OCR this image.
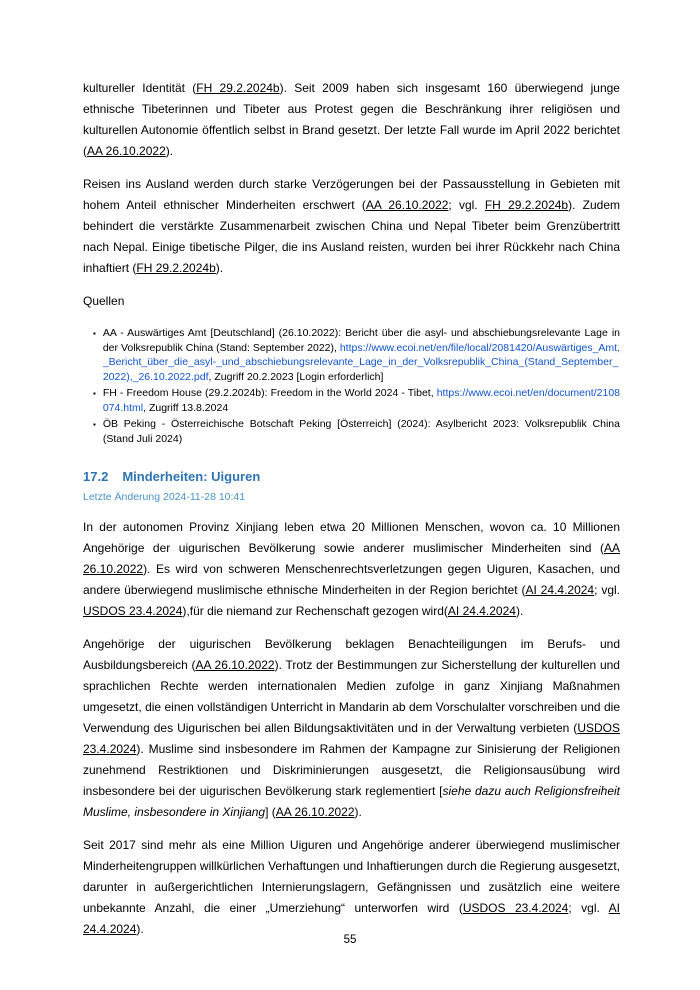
kultureller Identität (FH 29.2.2024b). Seit 2009 haben sich insgesamt 160 überwiegend junge ethnische Tibeterinnen und Tibeter aus Protest gegen die Beschränkung ihrer religiösen und kulturellen Autonomie öffentlich selbst in Brand gesetzt. Der letzte Fall wurde im April 2022 berichtet (AA 26.10.2022).

Reisen ins Ausland werden durch starke Verzögerungen bei der Passausstellung in Gebieten mit hohem Anteil ethnischer Minderheiten erschwert (AA 26.10.2022; vgl. FH 29.2.2024b). Zudem behindert die verstärkte Zusammenarbeit zwischen China und Nepal Tibeter beim Grenzübertritt nach Nepal. Einige tibetische Pilger, die ins Ausland reisten, wurden bei ihrer Rückkehr nach China inhaftiert (FH 29.2.2024b).

Quellen

▪ AA - Auswärtiges Amt [Deutschland] (26.10.2022): Bericht über die asyl- und abschiebungsrelevante Lage in der Volksrepublik China (Stand: September 2022), https://www.ecoi.net/en/file/local/2081420/Auswärtiges_Amt,_Bericht_über_die_asyl-_und_abschiebungsrelevante_Lage_in_der_Volksrepublik_China_(Stand_September_2022),_26.10.2022.pdf, Zugriff 20.2.2023 [Login erforderlich]
▪ FH - Freedom House (29.2.2024b): Freedom in the World 2024 - Tibet, https://www.ecoi.net/en/document/2108074.html, Zugriff 13.8.2024
▪ ÖB Peking - Österreichische Botschaft Peking [Österreich] (2024): Asylbericht 2023: Volksrepublik China (Stand Juli 2024)
17.2 Minderheiten: Uiguren

Letzte Änderung 2024-11-28 10:41

In der autonomen Provinz Xinjiang leben etwa 20 Millionen Menschen, wovon ca. 10 Millionen Angehörige der uigurischen Bevölkerung sowie anderer muslimischer Minderheiten sind (AA 26.10.2022). Es wird von schweren Menschenrechtsverletzungen gegen Uiguren, Kasachen, und andere überwiegend muslimische ethnische Minderheiten in der Region berichtet (AI 24.4.2024; vgl. USDOS 23.4.2024),für die niemand zur Rechenschaft gezogen wird(AI 24.4.2024).

Angehörige der uigurischen Bevölkerung beklagen Benachteiligungen im Berufs- und Ausbildungsbereich (AA 26.10.2022). Trotz der Bestimmungen zur Sicherstellung der kulturellen und sprachlichen Rechte werden internationalen Medien zufolge in ganz Xinjiang Maßnahmen umgesetzt, die einen vollständigen Unterricht in Mandarin ab dem Vorschulalter vorschreiben und die Verwendung des Uigurischen bei allen Bildungsaktivitäten und in der Verwaltung verbieten (USDOS 23.4.2024). Muslime sind insbesondere im Rahmen der Kampagne zur Sinisierung der Religionen zunehmend Restriktionen und Diskriminierungen ausgesetzt, die Religionsausübung wird insbesondere bei der uigurischen Bevölkerung stark reglementiert [siehe dazu auch Religionsfreiheit Muslime, insbesondere in Xinjiang] (AA 26.10.2022).

Seit 2017 sind mehr als eine Million Uiguren und Angehörige anderer überwiegend muslimischer Minderheitengruppen willkürlichen Verhaftungen und Inhaftierungen durch die Regierung ausgesetzt, darunter in außergerichtlichen Internierungslagern, Gefängnissen und zusätzlich eine weitere unbekannte Anzahl, die einer „Umerziehung“ unterworfen wird (USDOS 23.4.2024; vgl. AI 24.4.2024).

55
